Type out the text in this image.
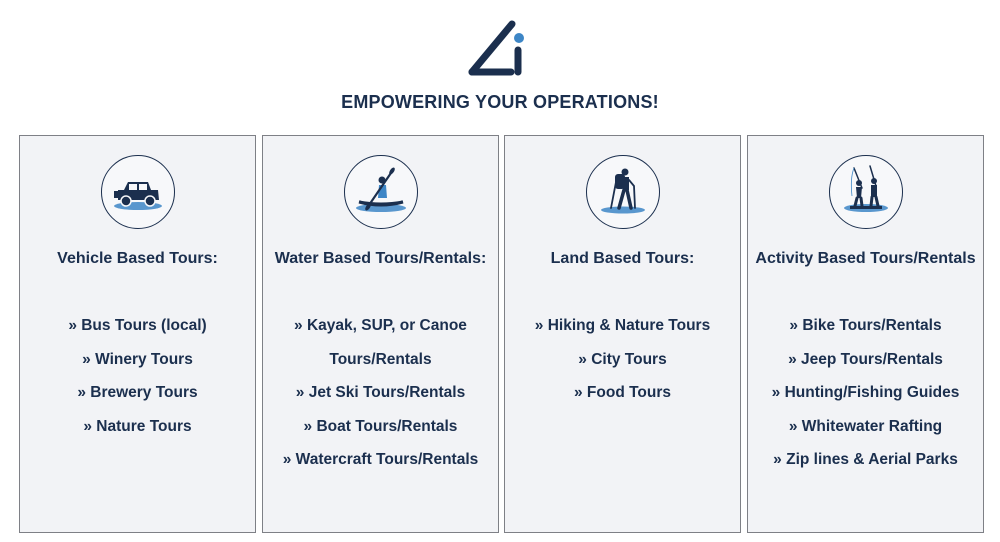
EMPOWERING YOUR OPERATIONS!
Vehicle Based Tours:
» Bus Tours (local)
» Winery Tours
» Brewery Tours
» Nature Tours
Water Based Tours/Rentals:
» Kayak, SUP, or Canoe
Tours/Rentals
» Jet Ski Tours/Rentals
» Boat Tours/Rentals
» Watercraft Tours/Rentals
Land Based Tours:
» Hiking & Nature Tours
» City Tours
» Food Tours
Activity Based Tours/Rentals
» Bike Tours/Rentals
» Jeep Tours/Rentals
» Hunting/Fishing Guides
» Whitewater Rafting
» Zip lines & Aerial Parks
